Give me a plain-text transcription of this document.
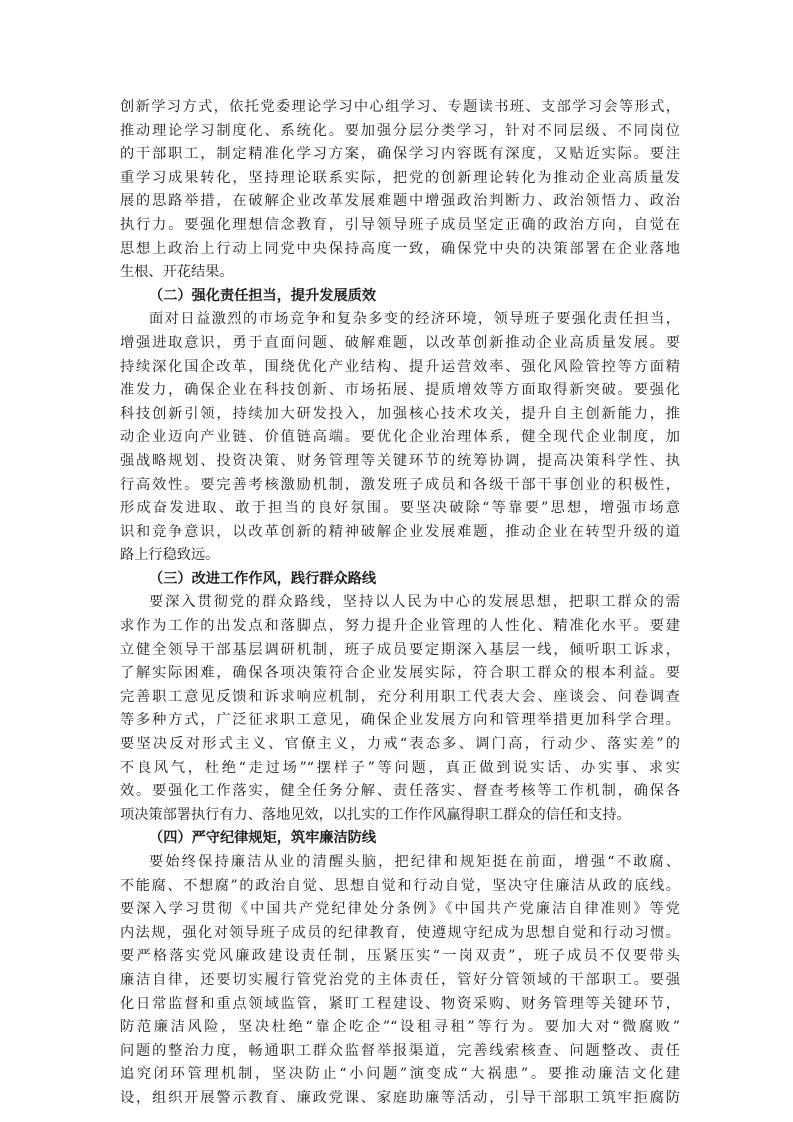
创新学习方式，依托党委理论学习中心组学习、专题读书班、支部学习会等形式，
推动理论学习制度化、系统化。要加强分层分类学习，针对不同层级、不同岗位
的干部职工，制定精准化学习方案，确保学习内容既有深度，又贴近实际。要注
重学习成果转化，坚持理论联系实际，把党的创新理论转化为推动企业高质量发
展的思路举措，在破解企业改革发展难题中增强政治判断力、政治领悟力、政治
执行力。要强化理想信念教育，引导领导班子成员坚定正确的政治方向，自觉在
思想上政治上行动上同党中央保持高度一致，确保党中央的决策部署在企业落地
生根、开花结果。
（二）强化责任担当，提升发展质效
面对日益激烈的市场竞争和复杂多变的经济环境，领导班子要强化责任担当，
增强进取意识，勇于直面问题、破解难题，以改革创新推动企业高质量发展。要
持续深化国企改革，围绕优化产业结构、提升运营效率、强化风险管控等方面精
准发力，确保企业在科技创新、市场拓展、提质增效等方面取得新突破。要强化
科技创新引领，持续加大研发投入，加强核心技术攻关，提升自主创新能力，推
动企业迈向产业链、价值链高端。要优化企业治理体系，健全现代企业制度，加
强战略规划、投资决策、财务管理等关键环节的统筹协调，提高决策科学性、执
行高效性。要完善考核激励机制，激发班子成员和各级干部干事创业的积极性，
形成奋发进取、敢于担当的良好氛围。要坚决破除“等靠要”思想，增强市场意
识和竞争意识，以改革创新的精神破解企业发展难题，推动企业在转型升级的道
路上行稳致远。
（三）改进工作作风，践行群众路线
要深入贯彻党的群众路线，坚持以人民为中心的发展思想，把职工群众的需
求作为工作的出发点和落脚点，努力提升企业管理的人性化、精准化水平。要建
立健全领导干部基层调研机制，班子成员要定期深入基层一线，倾听职工诉求，
了解实际困难，确保各项决策符合企业发展实际，符合职工群众的根本利益。要
完善职工意见反馈和诉求响应机制，充分利用职工代表大会、座谈会、问卷调查
等多种方式，广泛征求职工意见，确保企业发展方向和管理举措更加科学合理。
要坚决反对形式主义、官僚主义，力戒“表态多、调门高，行动少、落实差”的
不良风气，杜绝“走过场”“摆样子”等问题，真正做到说实话、办实事、求实
效。要强化工作落实，健全任务分解、责任落实、督查考核等工作机制，确保各
项决策部署执行有力、落地见效，以扎实的工作作风赢得职工群众的信任和支持。
（四）严守纪律规矩，筑牢廉洁防线
要始终保持廉洁从业的清醒头脑，把纪律和规矩挺在前面，增强“不敢腐、
不能腐、不想腐”的政治自觉、思想自觉和行动自觉，坚决守住廉洁从政的底线。
要深入学习贯彻《中国共产党纪律处分条例》《中国共产党廉洁自律准则》等党
内法规，强化对领导班子成员的纪律教育，使遵规守纪成为思想自觉和行动习惯。
要严格落实党风廉政建设责任制，压紧压实“一岗双责”，班子成员不仅要带头
廉洁自律，还要切实履行管党治党的主体责任，管好分管领域的干部职工。要强
化日常监督和重点领域监管，紧盯工程建设、物资采购、财务管理等关键环节，
防范廉洁风险，坚决杜绝“靠企吃企”“设租寻租”等行为。要加大对“微腐败”
问题的整治力度，畅通职工群众监督举报渠道，完善线索核查、问题整改、责任
追究闭环管理机制，坚决防止“小问题”演变成“大祸患”。要推动廉洁文化建
设，组织开展警示教育、廉政党课、家庭助廉等活动，引导干部职工筑牢拒腐防
